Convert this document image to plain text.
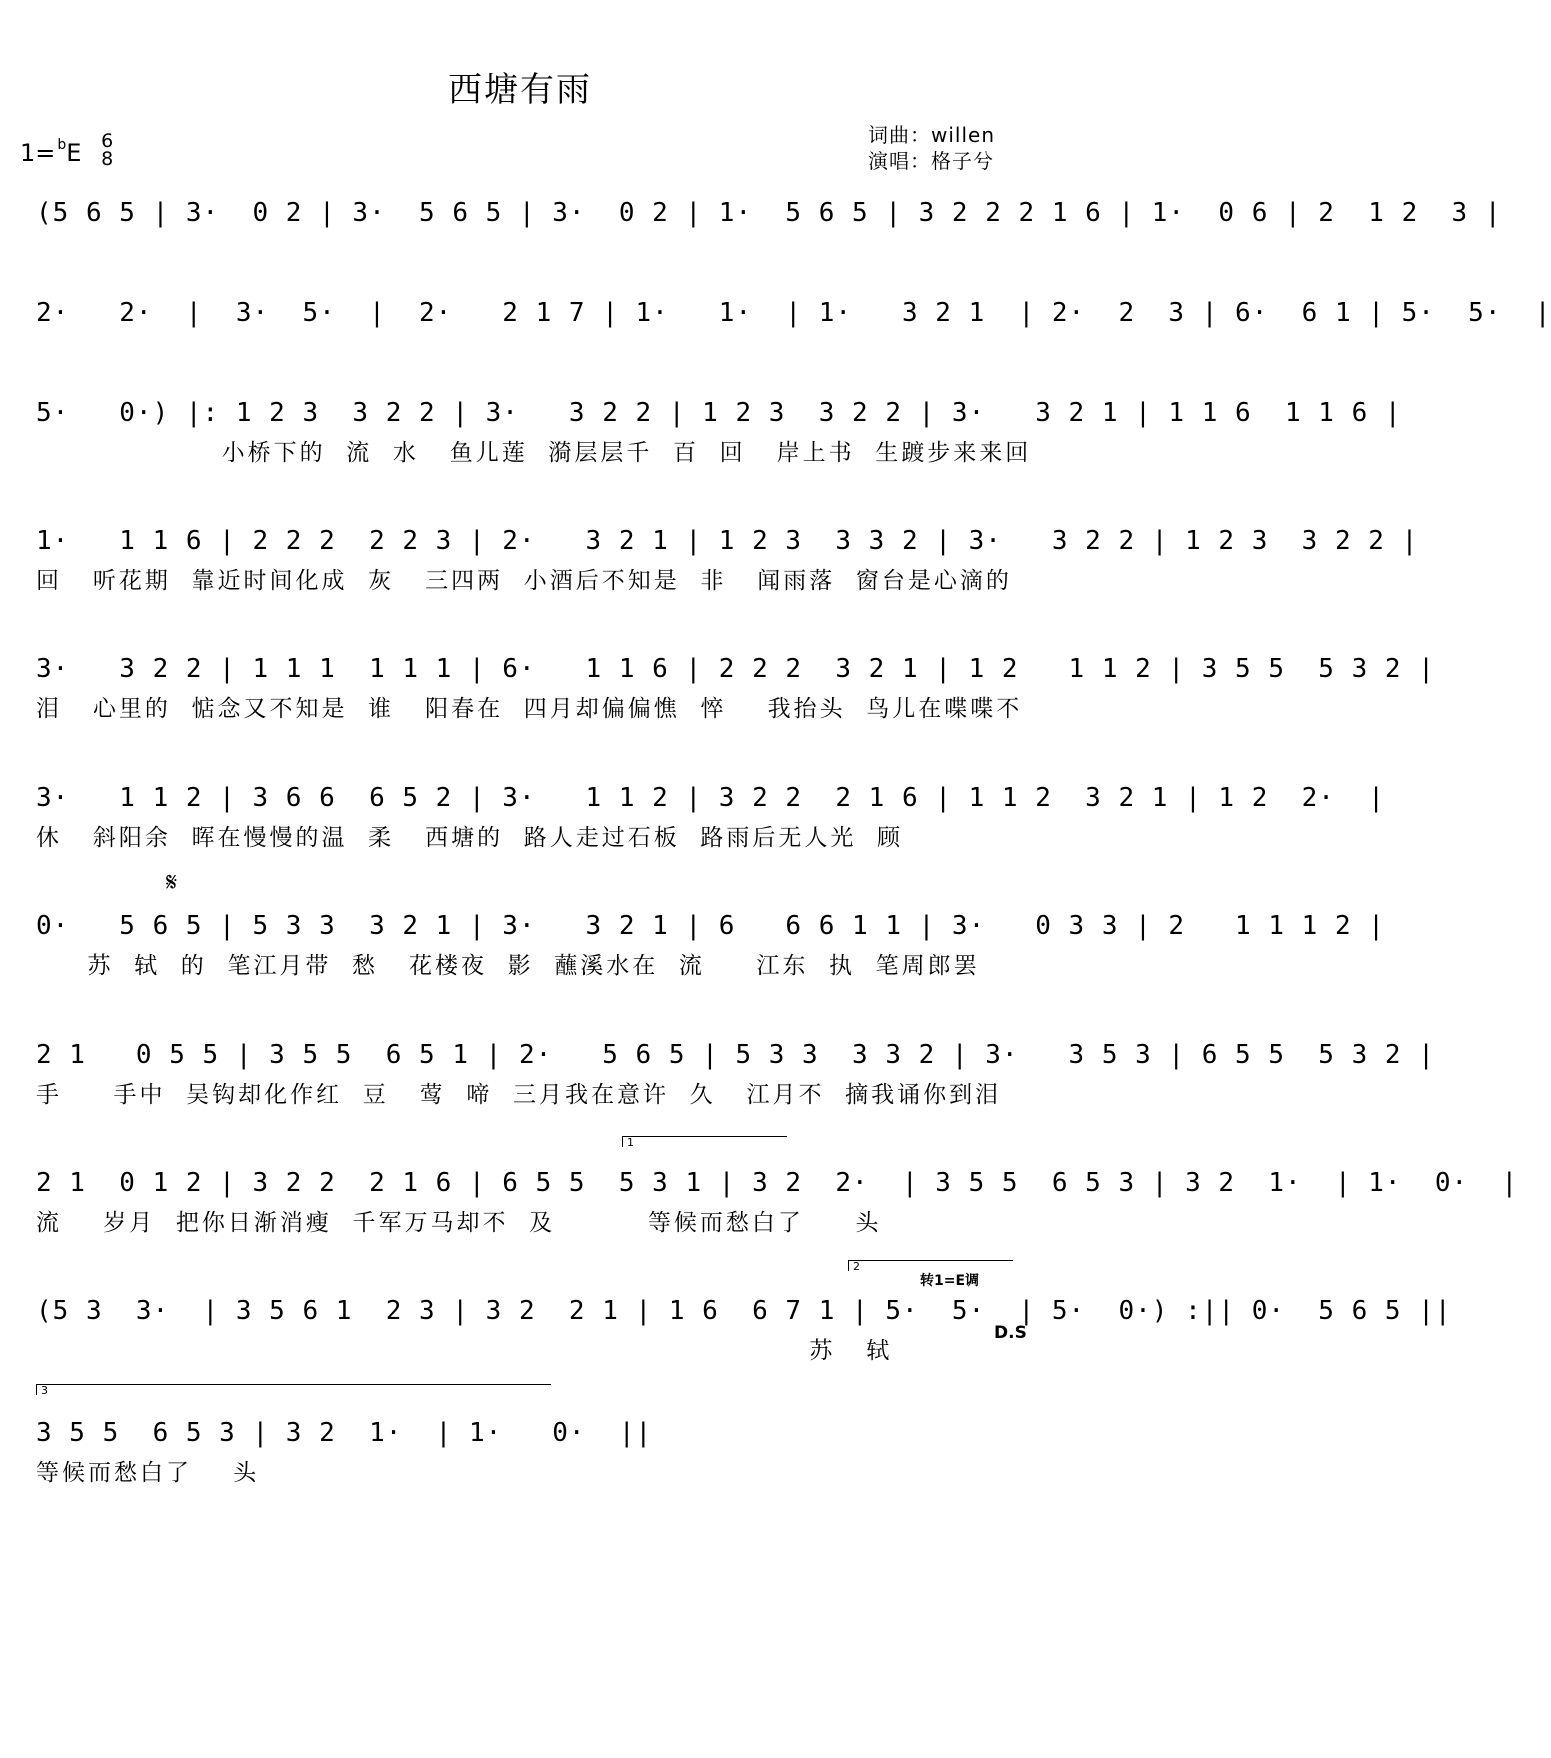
西塘有雨
1= $^b$E 6
8
词曲：willen
演唱：格子兮
(5 6 5 | 3·  0 2 | 3·  5 6 5 | 3·  0 2 | 1·  5 6 5 | 3 2 2 2 1 6 | 1·  0 6 | 2  1 2  3 |
2·   2·  |  3·  5·  |  2·   2 1 7 | 1·   1·  | 1·   3 2 1  | 2·  2  3 | 6·  6 1 | 5·  5·  |
5·   0·) |: 1 2 3  3 2 2 | 3·   3 2 2 | 1 2 3  3 2 2 | 3·   3 2 1 | 1 1 6  1 1 6 |
小桥下的  流  水   鱼儿莲  漪层层千  百  回   岸上书  生踱步来来回
1·   1 1 6 | 2 2 2  2 2 3 | 2·   3 2 1 | 1 2 3  3 3 2 | 3·   3 2 2 | 1 2 3  3 2 2 |
回   听花期  靠近时间化成  灰   三四两  小酒后不知是  非   闻雨落  窗台是心滴的
3·   3 2 2 | 1 1 1  1 1 1 | 6·   1 1 6 | 2 2 2  3 2 1 | 1 2   1 1 2 | 3 5 5  5 3 2 |
泪   心里的  惦念又不知是  谁   阳春在  四月却偏偏憔  悴    我抬头  鸟儿在喋喋不
3·   1 1 2 | 3 6 6  6 5 2 | 3·   1 1 2 | 3 2 2  2 1 6 | 1 1 2  3 2 1 | 1 2  2·  |
休   斜阳余  晖在慢慢的温  柔   西塘的  路人走过石板  路雨后无人光  顾
0·   5 6 5 | 5 3 3  3 2 1 | 3·   3 2 1 | 6   6 6 1 1 | 3·   0 3 3 | 2   1 1 1 2 |
苏  轼  的  笔江月带  愁   花楼夜  影  蘸溪水在  流     江东  执  笔周郎罢
2 1   0 5 5 | 3 5 5  6 5 1 | 2·   5 6 5 | 5 3 3  3 3 2 | 3·   3 5 3 | 6 5 5  5 3 2 |
手     手中  吴钩却化作红  豆   莺  啼  三月我在意许  久   江月不  摘我诵你到泪
2 1  0 1 2 | 3 2 2  2 1 6 | 6 5 5  5 3 1 | 3 2  2·  | 3 5 5  6 5 3 | 3 2  1·  | 1·  0·  |
流    岁月  把你日渐消瘦  千军万马却不  及         等候而愁白了     头
(5 3  3·  | 3 5 6 1  2 3 | 3 2  2 1 | 1 6  6 7 1 | 5·  5·  | 5·  0·) :|| 0·  5 6 5 ||
苏   轼
3 5 5  6 5 3 | 3 2  1·  | 1·   0·  ||
等候而愁白了    头
1
2
转1=E调
D.S
3
𝄋
